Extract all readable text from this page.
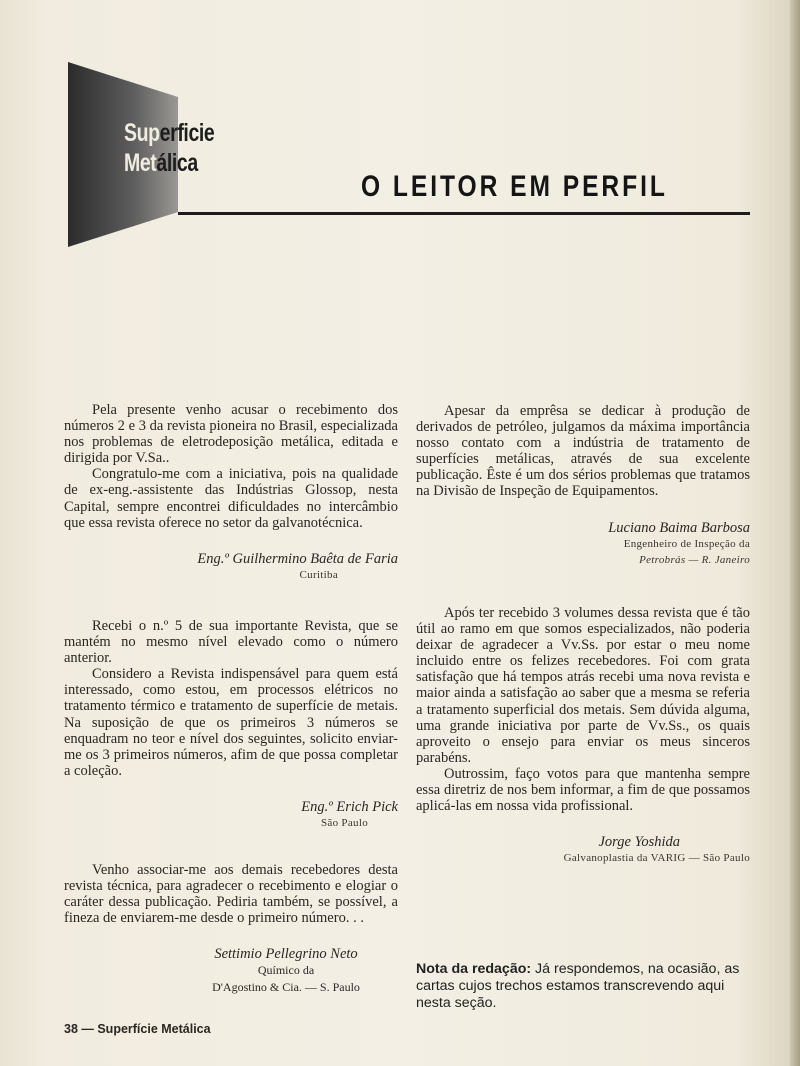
Superficie
Metálica
O LEITOR EM PERFIL

Pela presente venho acusar o recebimento dos números 2 e 3 da revista pioneira no Brasil, especializada nos problemas de eletrodeposição metálica, editada e dirigida por V.Sa..

Congratulo-me com a iniciativa, pois na qualidade de ex-eng.-assistente das Indústrias Glossop, nesta Capital, sempre encontrei dificuldades no intercâmbio que essa revista oferece no setor da galvanotécnica.

Eng.º Guilhermino Baêta de Faria
Curitiba

Recebi o n.º 5 de sua importante Revista, que se mantém no mesmo nível elevado como o número anterior.

Considero a Revista indispensável para quem está interessado, como estou, em processos elétricos no tratamento térmico e tratamento de superfície de metais. Na suposição de que os primeiros 3 números se enquadram no teor e nível dos seguintes, solicito enviar-me os 3 primeiros números, afim de que possa completar a coleção.

Eng.º Erich Pick
São Paulo

Venho associar-me aos demais recebedores desta revista técnica, para agradecer o recebimento e elogiar o caráter dessa publicação. Pediria também, se possível, a fineza de enviarem-me desde o primeiro número. . .

Settimio Pellegrino Neto
Químico da
D'Agostino & Cia. — S. Paulo

Apesar da emprêsa se dedicar à produção de derivados de petróleo, julgamos da máxima importância nosso contato com a indústria de tratamento de superfícies metálicas, através de sua excelente publicação. Êste é um dos sérios problemas que tratamos na Divisão de Inspeção de Equipamentos.

Luciano Baima Barbosa
Engenheiro de Inspeção da
Petrobrás — R. Janeiro

Após ter recebido 3 volumes dessa revista que é tão útil ao ramo em que somos especializados, não poderia deixar de agradecer a Vv.Ss. por estar o meu nome incluido entre os felizes recebedores. Foi com grata satisfação que há tempos atrás recebi uma nova revista e maior ainda a satisfação ao saber que a mesma se referia a tratamento superficial dos metais. Sem dúvida alguma, uma grande iniciativa por parte de Vv.Ss., os quais aproveito o ensejo para enviar os meus sinceros parabéns.

Outrossim, faço votos para que mantenha sempre essa diretriz de nos bem informar, a fim de que possamos aplicá-las em nossa vida profissional.

Jorge Yoshida
Galvanoplastia da VARIG — São Paulo
Nota da redação: Já respondemos, na ocasião, as cartas cujos trechos estamos transcrevendo aqui nesta seção.
38 — Superfície Metálica
